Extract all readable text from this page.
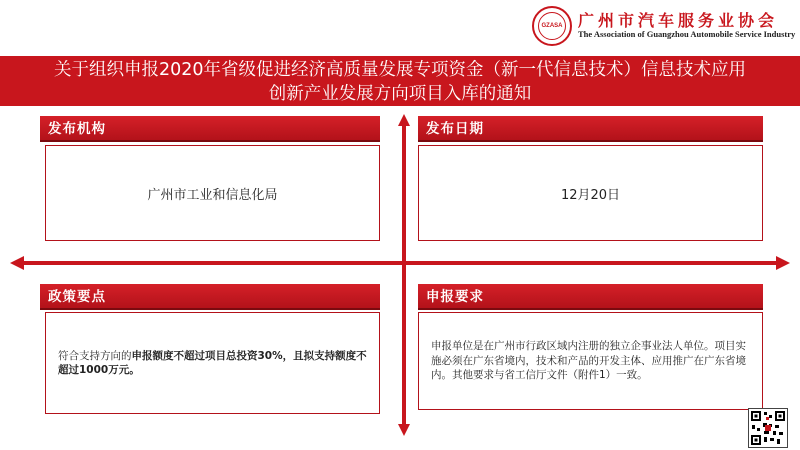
GZASA 广州市汽车服务业协会
The Association of Guangzhou Automobile Service Industry
关于组织申报2020年省级促进经济高质量发展专项资金（新一代信息技术）信息技术应用
创新产业发展方向项目入库的通知
发布机构
广州市工业和信息化局
发布日期
12月20日
政策要点
符合支持方向的申报额度不超过项目总投资30%，且拟支持额度不超过1000万元。
申报要求
申报单位是在广州市行政区域内注册的独立企事业法人单位。项目实施必须在广东省境内，技术和产品的开发主体、应用推广在广东省境内。其他要求与省工信厅文件（附件1）一致。
